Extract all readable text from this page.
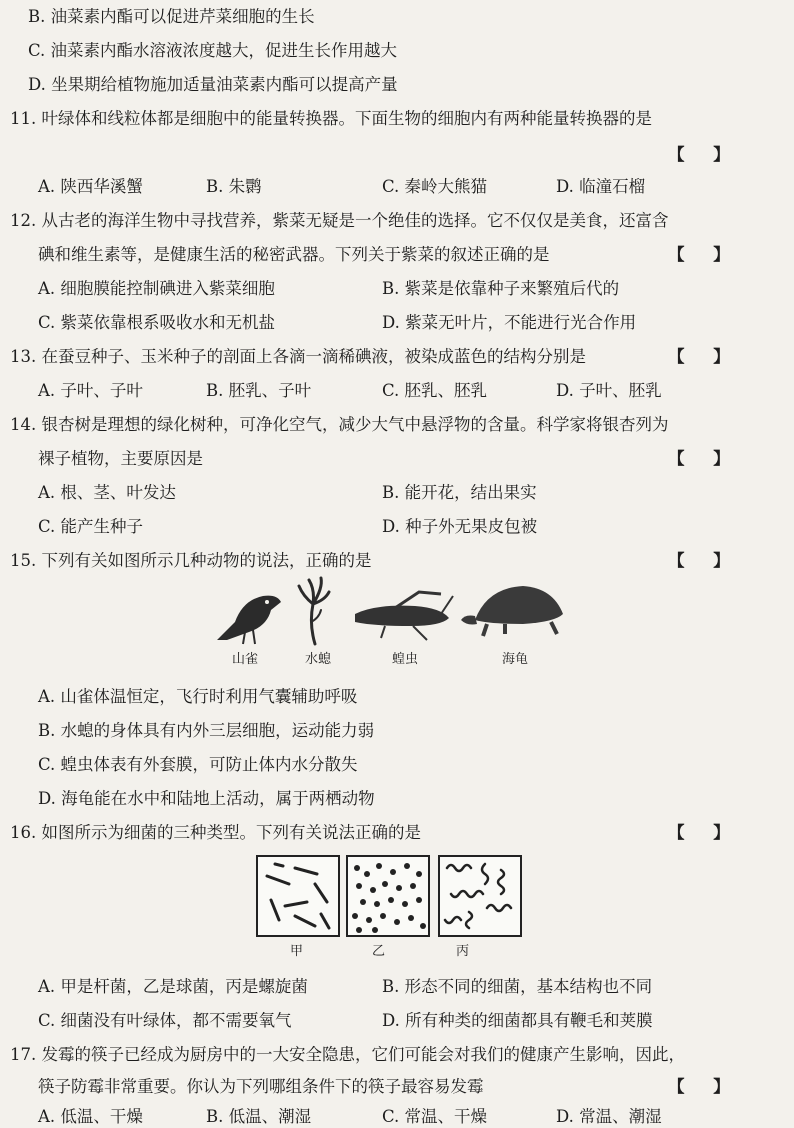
B. 油菜素内酯可以促进芹菜细胞的生长
C. 油菜素内酯水溶液浓度越大，促进生长作用越大
D. 坐果期给植物施加适量油菜素内酯可以提高产量
11. 叶绿体和线粒体都是细胞中的能量转换器。下面生物的细胞内有两种能量转换器的是
【     】
A. 陕西华溪蟹	B. 朱鹮	C. 秦岭大熊猫	D. 临潼石榴
12. 从古老的海洋生物中寻找营养，紫菜无疑是一个绝佳的选择。它不仅仅是美食，还富含
碘和维生素等，是健康生活的秘密武器。下列关于紫菜的叙述正确的是	【     】
A. 细胞膜能控制碘进入紫菜细胞	B. 紫菜是依靠种子来繁殖后代的
C. 紫菜依靠根系吸收水和无机盐	D. 紫菜无叶片，不能进行光合作用
13. 在蚕豆种子、玉米种子的剖面上各滴一滴稀碘液，被染成蓝色的结构分别是	【     】
A. 子叶、子叶	B. 胚乳、子叶	C. 胚乳、胚乳	D. 子叶、胚乳
14. 银杏树是理想的绿化树种，可净化空气，减少大气中悬浮物的含量。科学家将银杏列为
裸子植物，主要原因是	【     】
A. 根、茎、叶发达	B. 能开花，结出果实
C. 能产生种子	D. 种子外无果皮包被
15. 下列有关如图所示几种动物的说法，正确的是	【     】
山雀	水螅	蝗虫	海龟
A. 山雀体温恒定，飞行时利用气囊辅助呼吸
B. 水螅的身体具有内外三层细胞，运动能力弱
C. 蝗虫体表有外套膜，可防止体内水分散失
D. 海龟能在水中和陆地上活动，属于两栖动物
16. 如图所示为细菌的三种类型。下列有关说法正确的是	【     】
甲	乙	丙
A. 甲是杆菌，乙是球菌，丙是螺旋菌	B. 形态不同的细菌，基本结构也不同
C. 细菌没有叶绿体，都不需要氧气	D. 所有种类的细菌都具有鞭毛和荚膜
17. 发霉的筷子已经成为厨房中的一大安全隐患，它们可能会对我们的健康产生影响，因此，
筷子防霉非常重要。你认为下列哪组条件下的筷子最容易发霉	【     】
A. 低温、干燥	B. 低温、潮湿	C. 常温、干燥	D. 常温、潮湿
